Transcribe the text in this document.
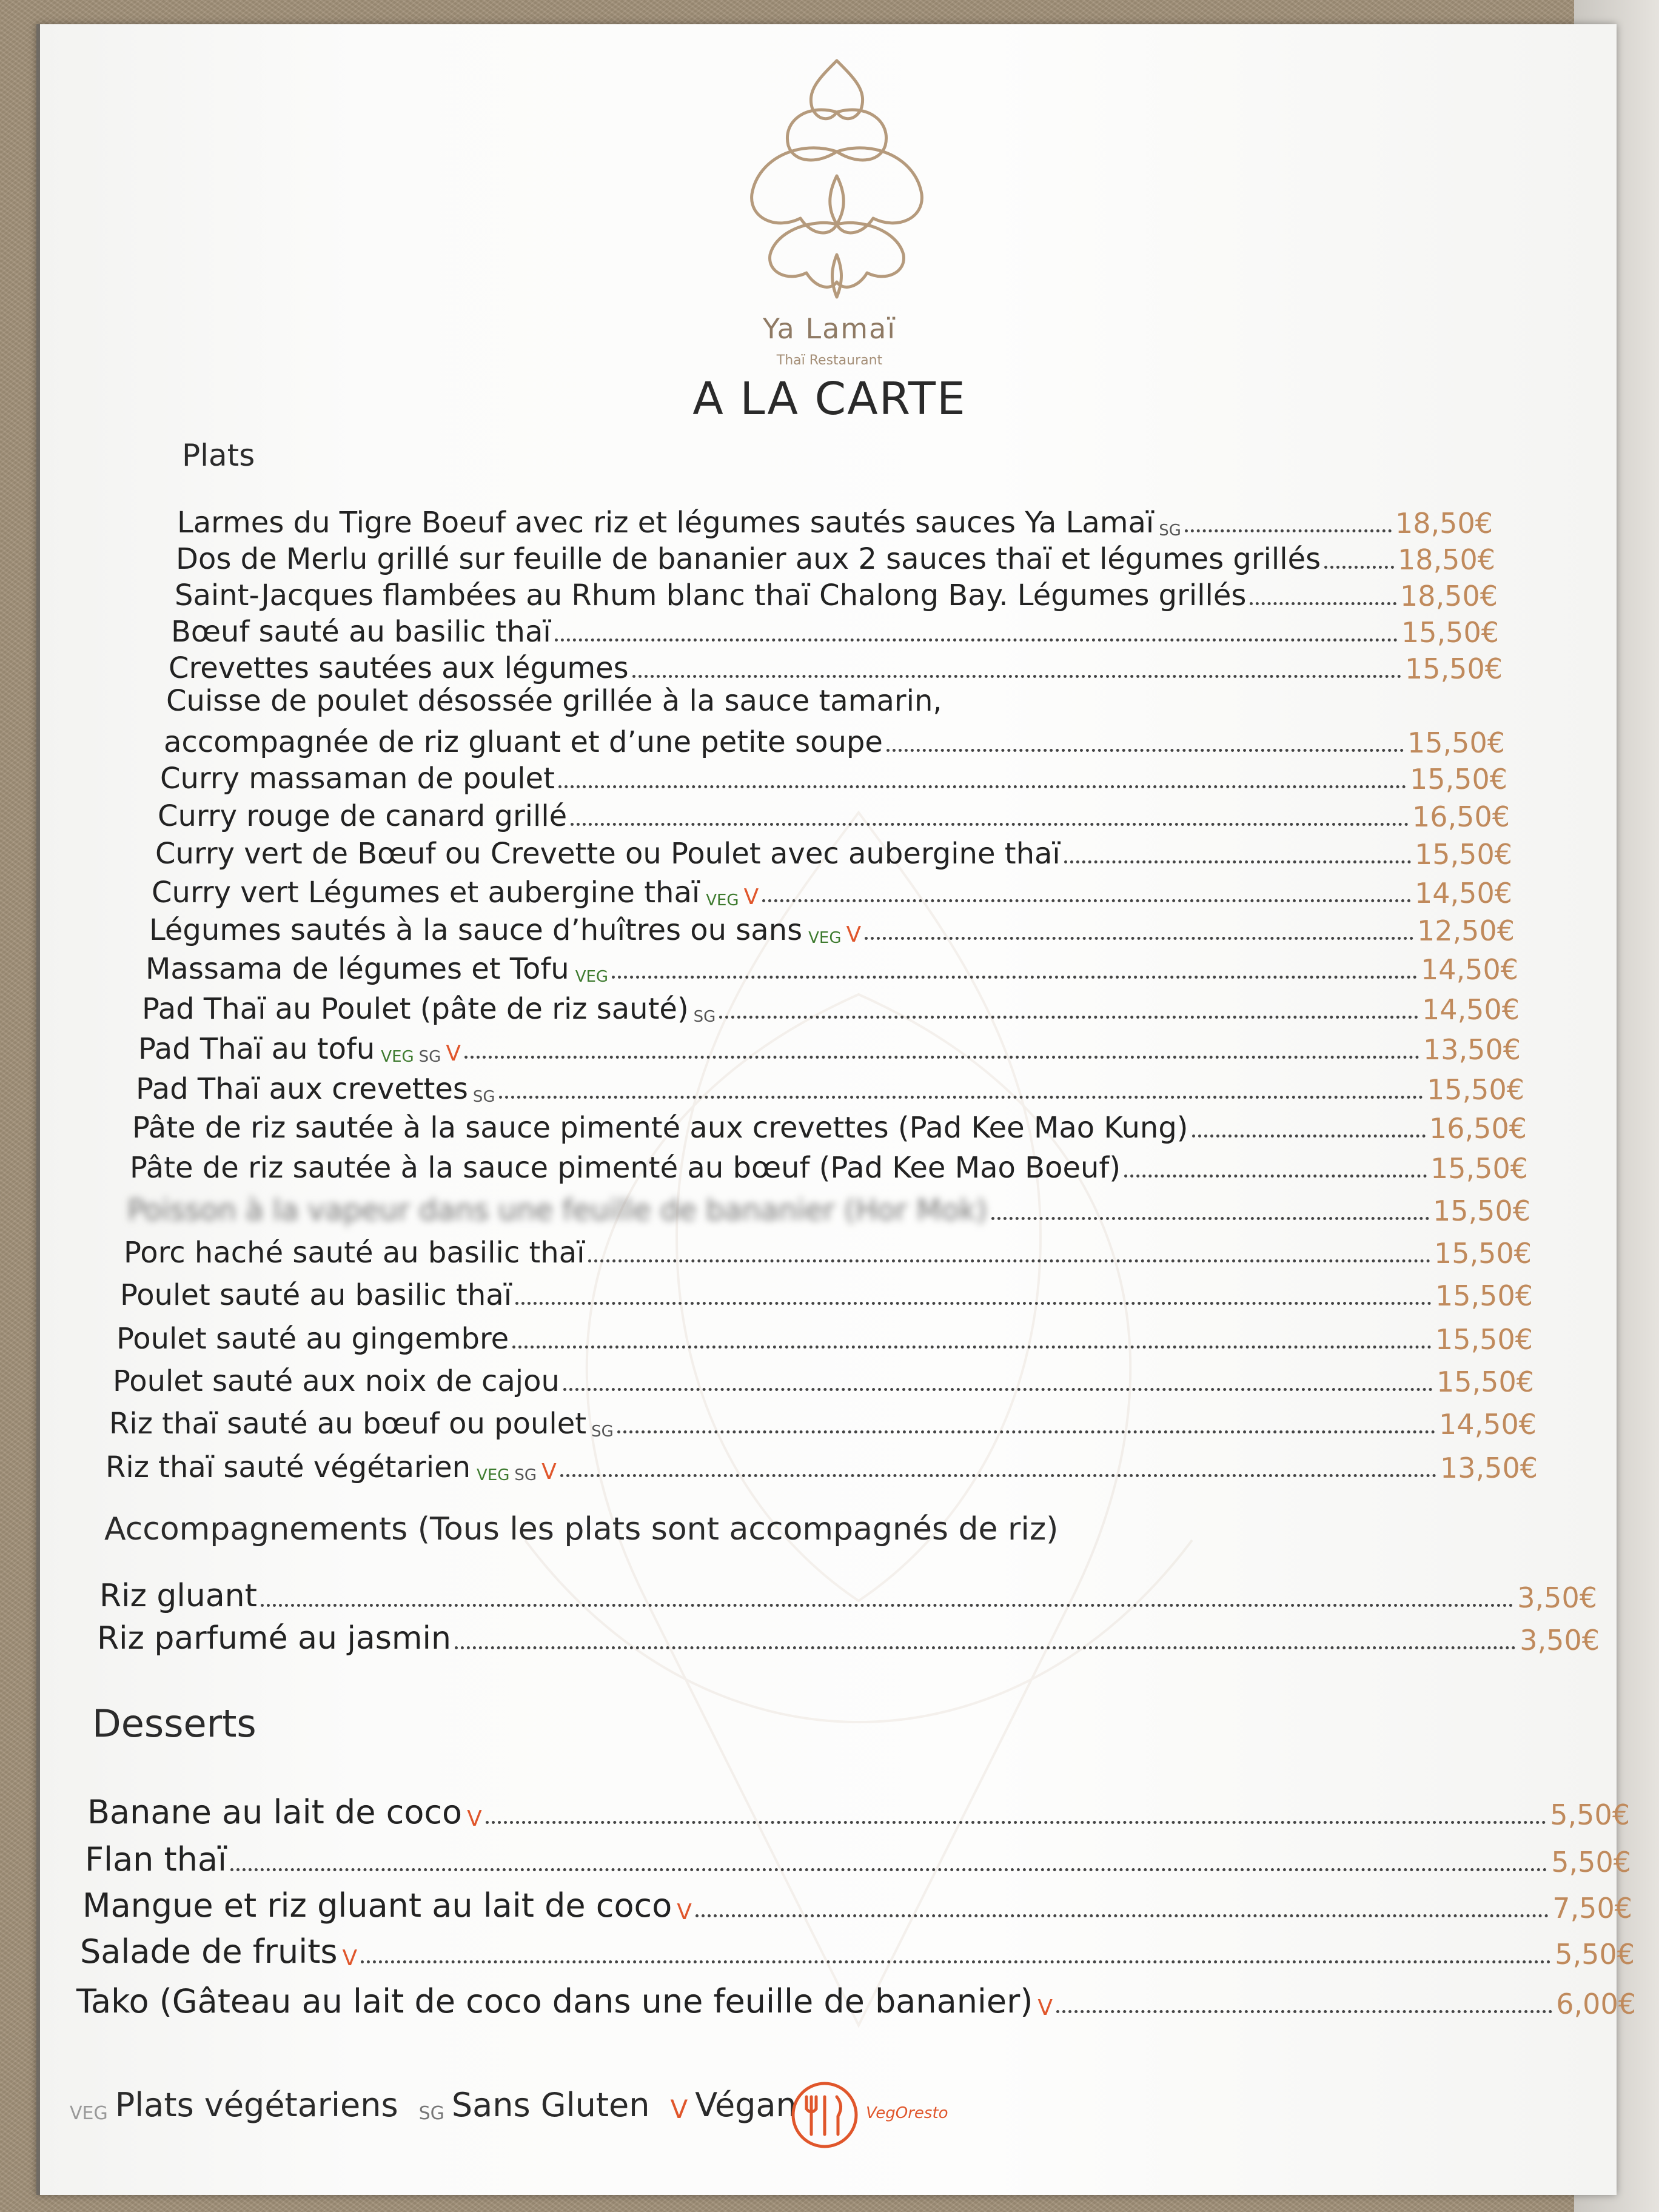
Ya Lamaï
Thaï Restaurant
A LA CARTE
Plats
Larmes du Tigre Boeuf avec riz et légumes sautés sauces Ya Lamaï SG	18,50€
Dos de Merlu grillé sur feuille de bananier aux 2 sauces thaï et légumes grillés	18,50€
Saint-Jacques flambées au Rhum blanc thaï Chalong Bay. Légumes grillés	18,50€
Bœuf sauté au basilic thaï	15,50€
Crevettes sautées aux légumes	15,50€
Cuisse de poulet désossée grillée à la sauce tamarin,
accompagnée de riz gluant et d’une petite soupe	15,50€
Curry massaman de poulet	15,50€
Curry rouge de canard grillé	16,50€
Curry vert de Bœuf ou Crevette ou Poulet avec aubergine thaï	15,50€
Curry vert Légumes et aubergine thaï VEG V	14,50€
Légumes sautés à la sauce d’huîtres ou sans VEG V	12,50€
Massama de légumes et Tofu VEG	14,50€
Pad Thaï au Poulet (pâte de riz sauté) SG	14,50€
Pad Thaï au tofu VEG SG V	13,50€
Pad Thaï aux crevettes SG	15,50€
Pâte de riz sautée à la sauce pimenté aux crevettes (Pad Kee Mao Kung)	16,50€
Pâte de riz sautée à la sauce pimenté au bœuf (Pad Kee Mao Boeuf)	15,50€
Poisson à la vapeur dans une feuille de bananier (Hor Mok)	15,50€
Porc haché sauté au basilic thaï	15,50€
Poulet sauté au basilic thaï	15,50€
Poulet sauté au gingembre	15,50€
Poulet sauté aux noix de cajou	15,50€
Riz thaï sauté au bœuf ou poulet SG	14,50€
Riz thaï sauté végétarien VEG SG V	13,50€
Accompagnements (Tous les plats sont accompagnés de riz)
Riz gluant	3,50€
Riz parfumé au jasmin	3,50€
Desserts
Banane au lait de coco V	5,50€
Flan thaï	5,50€
Mangue et riz gluant au lait de coco V	7,50€
Salade de fruits V	5,50€
Tako (Gâteau au lait de coco dans une feuille de bananier) V	6,00€
VEG Plats végétariens SG Sans Gluten V Végan	VegOresto
